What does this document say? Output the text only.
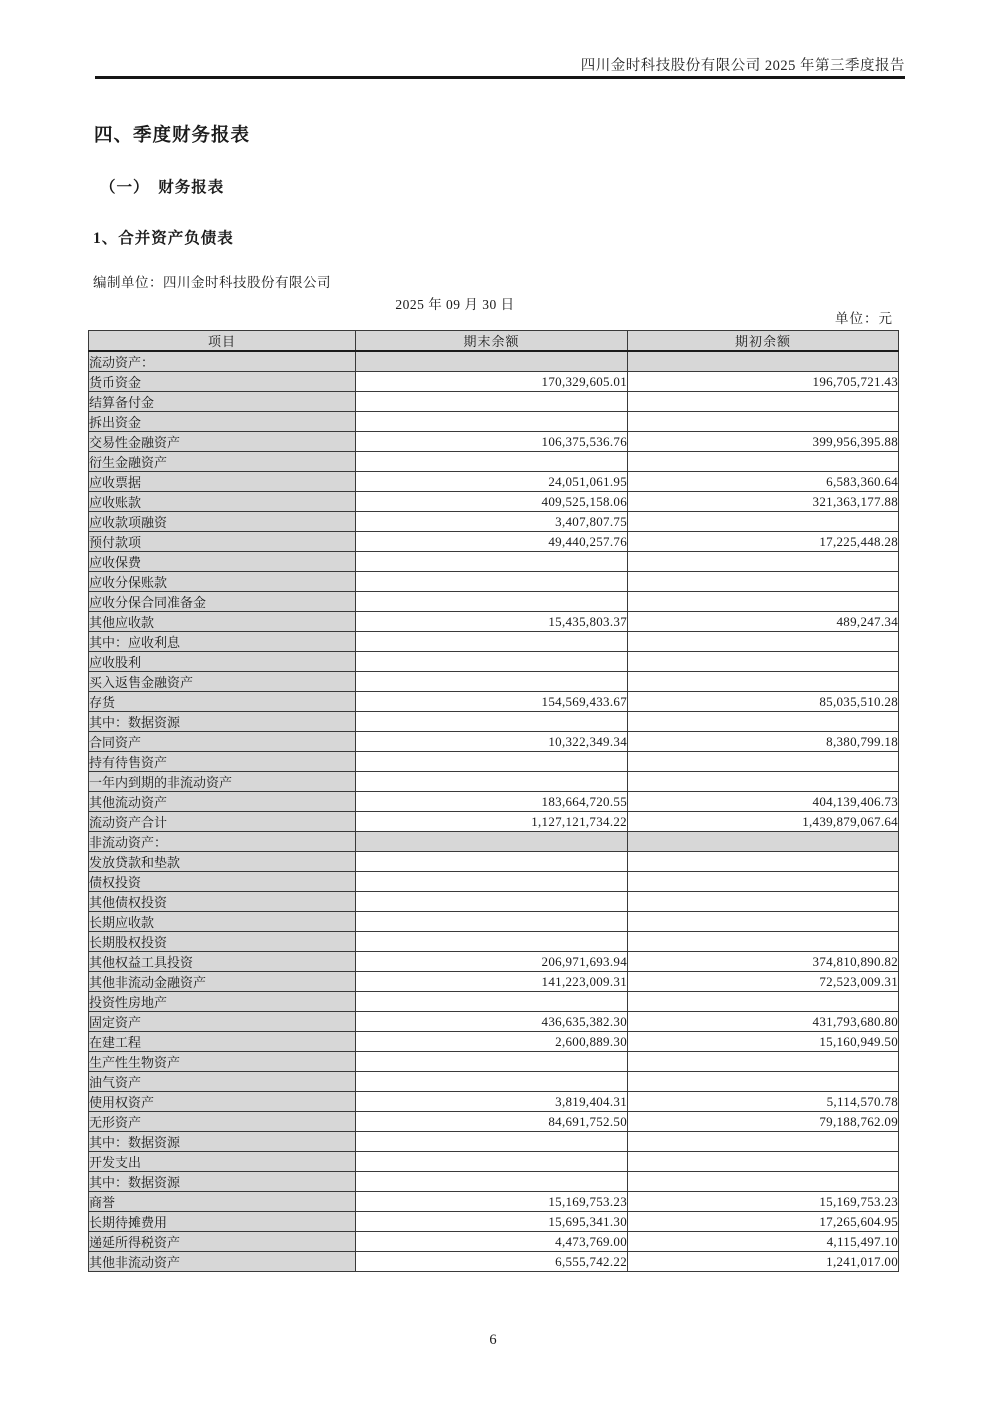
四川金时科技股份有限公司 2025 年第三季度报告
四、季度财务报表
（一）　财务报表
1、合并资产负债表
编制单位：四川金时科技股份有限公司
2025 年 09 月 30 日
单位：元
项目	期末余额	期初余额
流动资产：		
货币资金	170,329,605.01	196,705,721.43
结算备付金		
拆出资金		
交易性金融资产	106,375,536.76	399,956,395.88
衍生金融资产		
应收票据	24,051,061.95	6,583,360.64
应收账款	409,525,158.06	321,363,177.88
应收款项融资	3,407,807.75	
预付款项	49,440,257.76	17,225,448.28
应收保费		
应收分保账款		
应收分保合同准备金		
其他应收款	15,435,803.37	489,247.34
其中：应收利息		
应收股利		
买入返售金融资产		
存货	154,569,433.67	85,035,510.28
其中：数据资源		
合同资产	10,322,349.34	8,380,799.18
持有待售资产		
一年内到期的非流动资产		
其他流动资产	183,664,720.55	404,139,406.73
流动资产合计	1,127,121,734.22	1,439,879,067.64
非流动资产：		
发放贷款和垫款		
债权投资		
其他债权投资		
长期应收款		
长期股权投资		
其他权益工具投资	206,971,693.94	374,810,890.82
其他非流动金融资产	141,223,009.31	72,523,009.31
投资性房地产		
固定资产	436,635,382.30	431,793,680.80
在建工程	2,600,889.30	15,160,949.50
生产性生物资产		
油气资产		
使用权资产	3,819,404.31	5,114,570.78
无形资产	84,691,752.50	79,188,762.09
其中：数据资源		
开发支出		
其中：数据资源		
商誉	15,169,753.23	15,169,753.23
长期待摊费用	15,695,341.30	17,265,604.95
递延所得税资产	4,473,769.00	4,115,497.10
其他非流动资产	6,555,742.22	1,241,017.00
6
